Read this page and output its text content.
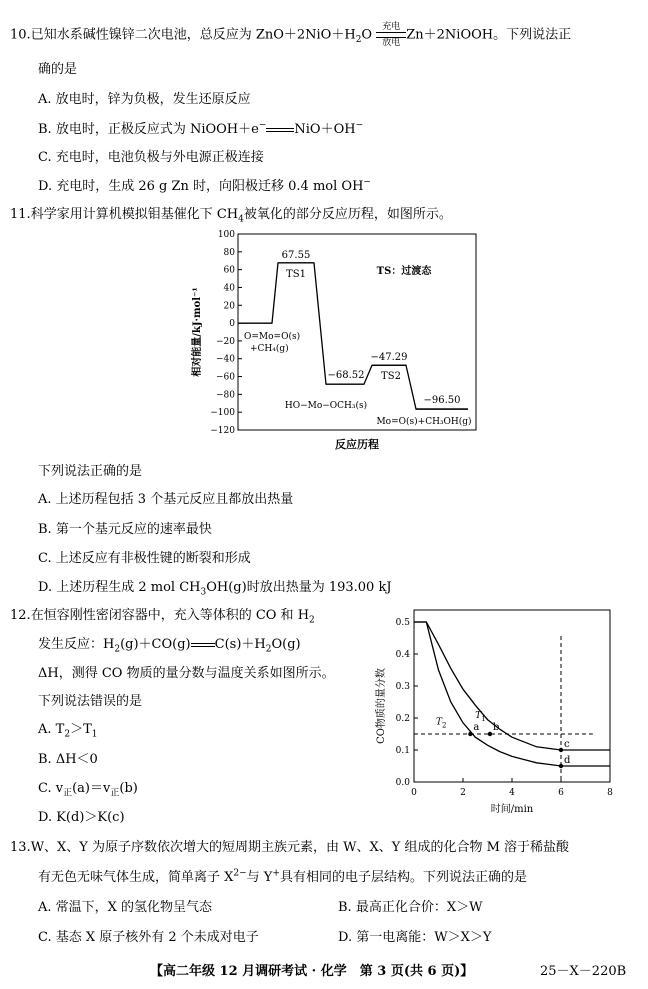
10.已知水系碱性镍锌二次电池，总反应为 $ZnO+2NiO+H_2O$
充电
放电
Zn＋2NiOOH。下列说法正
确的是
A. 放电时，锌为负极，发生还原反应
B. 放电时，正极反应式为 NiOOH＋e− NiO＋OH−
C. 充电时，电池负极与外电源正极连接
D. 充电时，生成 26 g Zn 时，向阳极迁移 0.4 mol OH−
11.科学家用计算机模拟钼基催化下 $CH_4$被氧化的部分反应历程，如图所示。
100
80
60
40
20
0
−20
−40
−60
−80
−100
−120
反应历程
相对能量/kJ·mol⁻¹
TS：过渡态
O=Mo=O(s)
+CH₄(g)
67.55
TS1
−68.52
HO−Mo−OCH₃(s)
−47.29
TS2
−96.50
Mo=O(s)+CH₃OH(g)
下列说法正确的是
A. 上述历程包括 3 个基元反应且都放出热量
B. 第一个基元反应的速率最快
C. 上述反应有非极性键的断裂和形成
D. 上述历程生成 2 mol $CH_3OH(g)$时放出热量为 193.00 kJ
12.在恒容刚性密闭容器中，充入等体积的 CO 和 $H_2$
发生反应：$H_2(g)+CO(g)$ $C(s)+H_2O(g)$
ΔH，测得 CO 物质的量分数与温度关系如图所示。
下列说法错误的是
A. $T_2>T_1$
B. ΔH＜0
C. $v_正(a)=v_正(b)$
D. K(d)＞K(c)
0.0
0.1
0.2
0.3
0.4
0.5
0	2	4	6	8
时间/min
CO物质的量分数	T 1
T 2	a b
c
d
13.W、X、Y 为原子序数依次增大的短周期主族元素，由 W、X、Y 组成的化合物 M 溶于稀盐酸
有无色无味气体生成，简单离子 $X^{2-}$与 Y+具有相同的电子层结构。下列说法正确的是
A. 常温下，X 的氢化物呈气态	B. 最高正化合价：X＞W
C. 基态 X 原子核外有 2 个未成对电子	D. 第一电离能：W＞X＞Y
【高二年级 12 月调研考试 · 化学　第 3 页(共 6 页)】	25－X－220B
